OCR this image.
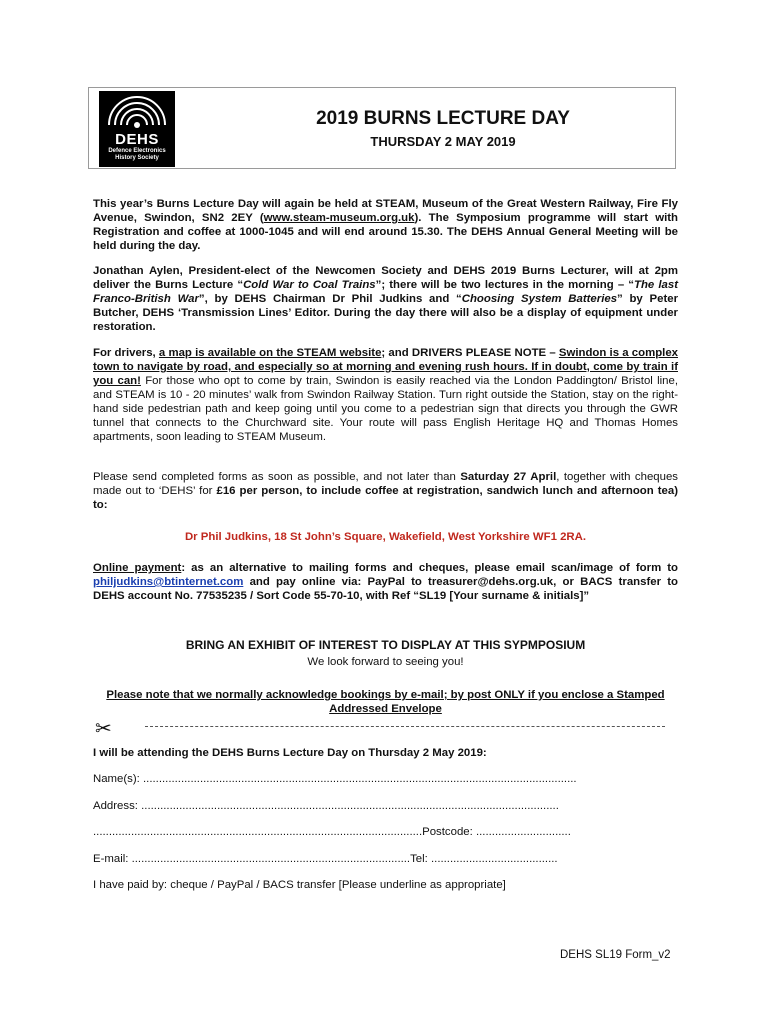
DEHS
Defence Electronics
History Society
2019 BURNS LECTURE DAY
THURSDAY 2 MAY 2019

This year’s Burns Lecture Day will again be held at STEAM, Museum of the Great Western Railway, Fire Fly Avenue, Swindon, SN2 2EY (www.steam-museum.org.uk). The Symposium programme will start with Registration and coffee at 1000-1045 and will end around 15.30. The DEHS Annual General Meeting will be held during the day.

Jonathan Aylen, President-elect of the Newcomen Society and DEHS 2019 Burns Lecturer, will at 2pm deliver the Burns Lecture “Cold War to Coal Trains”; there will be two lectures in the morning – “The last Franco-British War”, by DEHS Chairman Dr Phil Judkins and “Choosing System Batteries” by Peter Butcher, DEHS ‘Transmission Lines’ Editor. During the day there will also be a display of equipment under restoration.

For drivers, a map is available on the STEAM website; and DRIVERS PLEASE NOTE – Swindon is a complex town to navigate by road, and especially so at morning and evening rush hours. If in doubt, come by train if you can! For those who opt to come by train, Swindon is easily reached via the London Paddington/ Bristol line, and STEAM is 10 - 20 minutes’ walk from Swindon Railway Station. Turn right outside the Station, stay on the right-hand side pedestrian path and keep going until you come to a pedestrian sign that directs you through the GWR tunnel that connects to the Churchward site. Your route will pass English Heritage HQ and Thomas Homes apartments, soon leading to STEAM Museum.

Please send completed forms as soon as possible, and not later than Saturday 27 April, together with cheques made out to ‘DEHS’ for £16 per person, to include coffee at registration, sandwich lunch and afternoon tea) to:

Dr Phil Judkins, 18 St John’s Square, Wakefield, West Yorkshire WF1 2RA.

Online payment: as an alternative to mailing forms and cheques, please email scan/image of form to philjudkins@btinternet.com and pay online via: PayPal to treasurer@dehs.org.uk, or BACS transfer to DEHS account No. 77535235 / Sort Code 55-70-10, with Ref “SL19 [Your surname & initials]”

BRING AN EXHIBIT OF INTEREST TO DISPLAY AT THIS SYPMPOSIUM
We look forward to seeing you!
Please note that we normally acknowledge bookings by e-mail; by post ONLY if you enclose a Stamped Addressed Envelope
✂
I will be attending the DEHS Burns Lecture Day on Thursday 2 May 2019:
Name(s): .........................................................................................................................................
Address: ....................................................................................................................................
........................................................................................................Postcode: ..............................
E-mail: ........................................................................................Tel: ........................................
I have paid by: cheque / PayPal / BACS transfer [Please underline as appropriate]
DEHS SL19 Form_v2
